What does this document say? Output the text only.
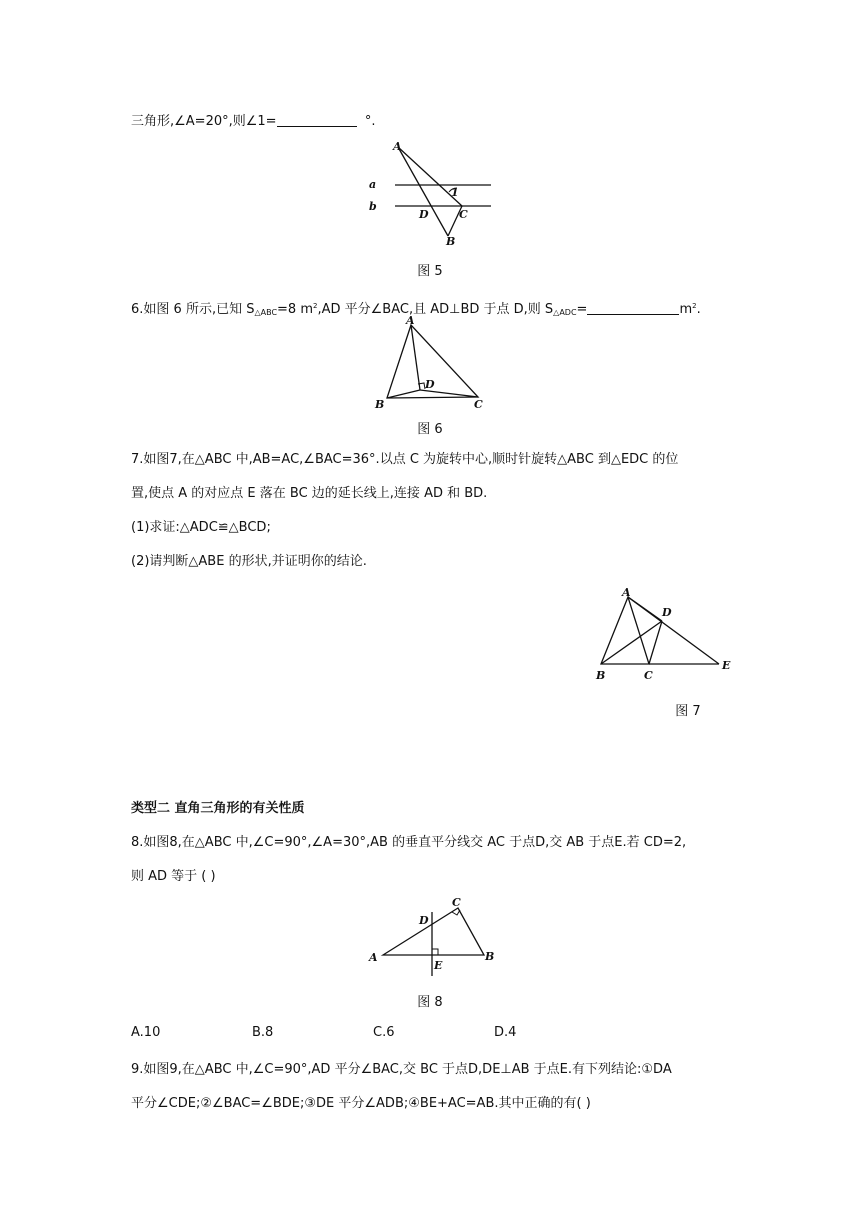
三角形,∠A=20°,则∠1=	°.
A
a
b
1
D	C
B
图 5
6.如图 6 所示,已知 $S_{\triangle ABC}=8$ $m^2,AD$ 平分∠BAC,且 AD⊥BD 于点 D,则 $S_{\triangle ADC}=$	$m^2$.
A
D
B	C
图 6
7.如图7,在△ABC 中,AB=AC,∠BAC=36°.以点 C 为旋转中心,顺时针旋转△ABC 到△EDC 的位
置,使点 A 的对应点 E 落在 BC 边的延长线上,连接 AD 和 BD.
(1)求证:△ADC≌△BCD;
(2)请判断△ABE 的形状,并证明你的结论.
A
D
B	C
E
图 7
类型二 直角三角形的有关性质
8.如图8,在△ABC 中,∠C=90°,∠A=30°,AB 的垂直平分线交 AC 于点D,交 AB 于点E.若 CD=2,
则 AD 等于 ( )
A
D
C
E
B
图 8
A.10	B.8	C.6	D.4
9.如图9,在△ABC 中,∠C=90°,AD 平分∠BAC,交 BC 于点D,DE⊥AB 于点E.有下列结论:①DA
平分∠CDE;②∠BAC=∠BDE;③DE 平分∠ADB;④BE+AC=AB.其中正确的有( )
